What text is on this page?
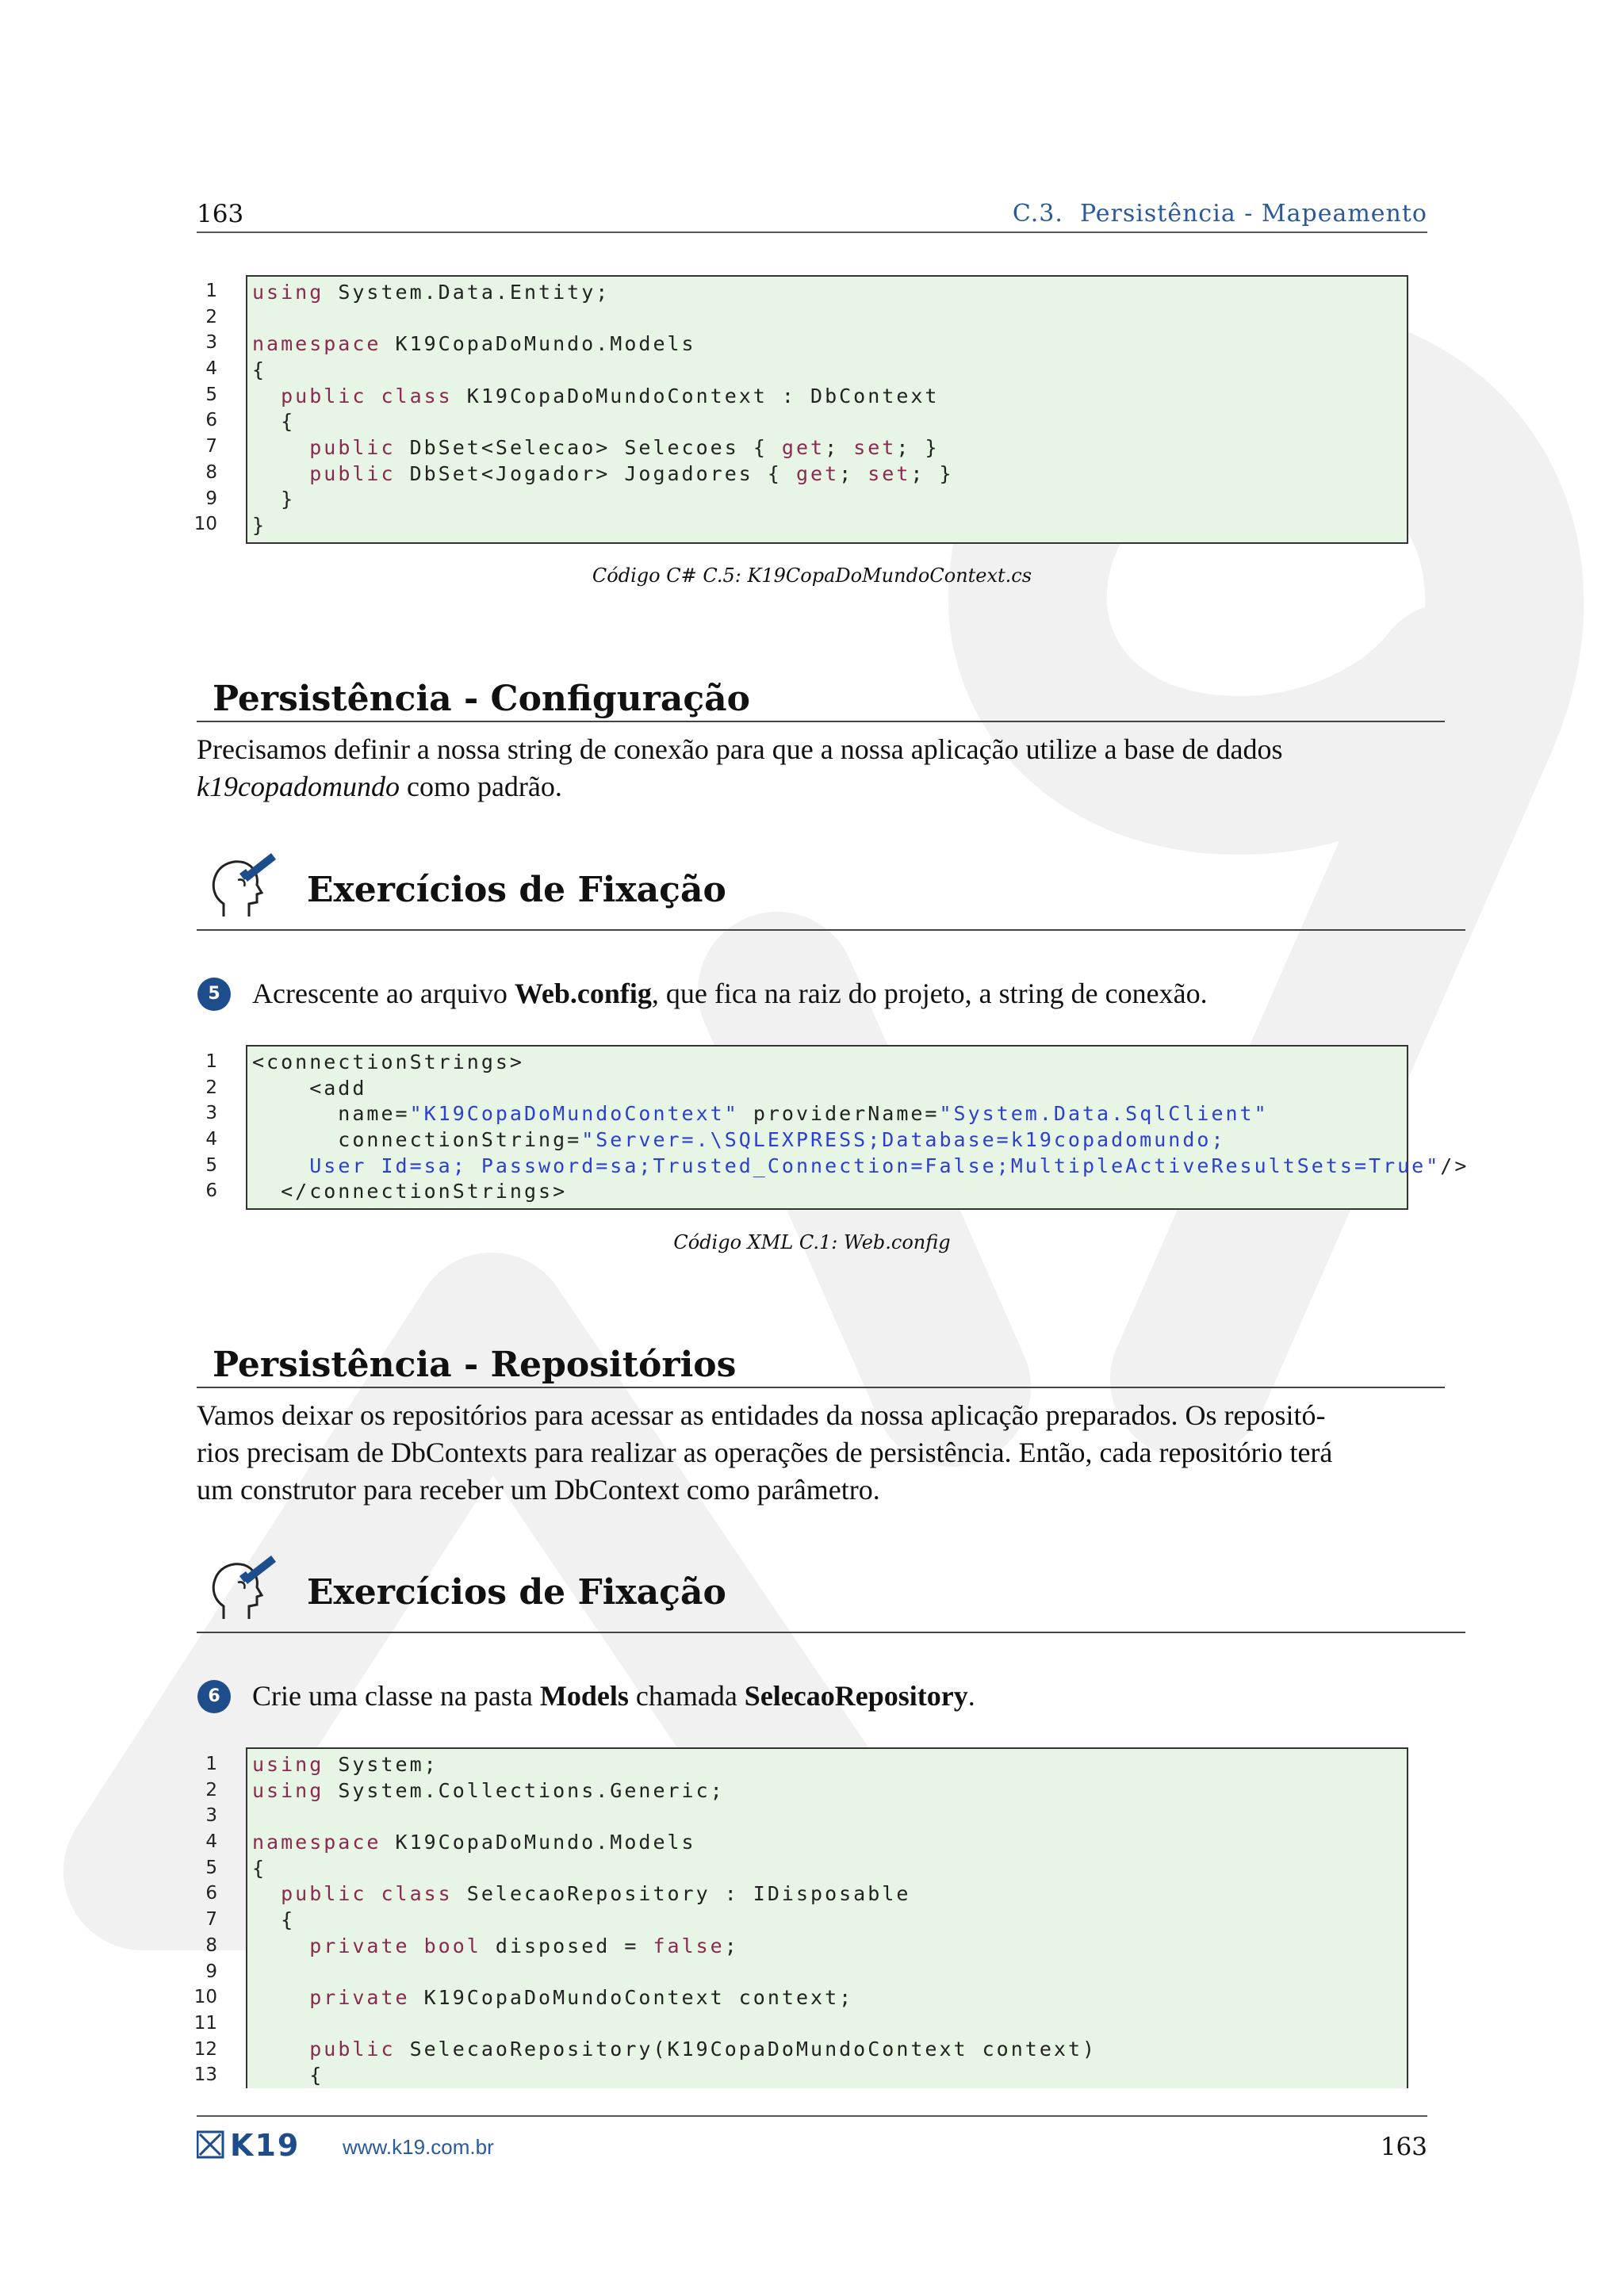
163	C.3. Persistência - Mapeamento
1
2
3
4
5
6
7
8
9
10
using System.Data.Entity;
namespace K19CopaDoMundo.Models
{
public class K19CopaDoMundoContext : DbContext
{
public DbSet<Selecao> Selecoes { get; set; }
public DbSet<Jogador> Jogadores { get; set; }
}
}
Código C# C.5: K19CopaDoMundoContext.cs
Persistência - Configuração
Precisamos definir a nossa string de conexão para que a nossa aplicação utilize a base de dados
k19copadomundo como padrão.
Exercícios de Fixação
5	Acrescente ao arquivo Web.config, que fica na raiz do projeto, a string de conexão.
1
2
3
4
5
6
<connectionStrings>
<add
name="K19CopaDoMundoContext" providerName="System.Data.SqlClient"
connectionString="Server=.\SQLEXPRESS;Database=k19copadomundo;
User Id=sa; Password=sa;Trusted_Connection=False;MultipleActiveResultSets=True"/>
</connectionStrings>
Código XML C.1: Web.config
Persistência - Repositórios
Vamos deixar os repositórios para acessar as entidades da nossa aplicação preparados. Os repositó-
rios precisam de DbContexts para realizar as operações de persistência. Então, cada repositório terá
um construtor para receber um DbContext como parâmetro.
Exercícios de Fixação
6	Crie uma classe na pasta Models chamada SelecaoRepository.
1
2
3
4
5
6
7
8
9
10
11
12
13
using System;
using System.Collections.Generic;
namespace K19CopaDoMundo.Models
{
public class SelecaoRepository : IDisposable
{
private bool disposed = false;
private K19CopaDoMundoContext context;
public SelecaoRepository(K19CopaDoMundoContext context)
{
K19 www.k19.com.br	163
